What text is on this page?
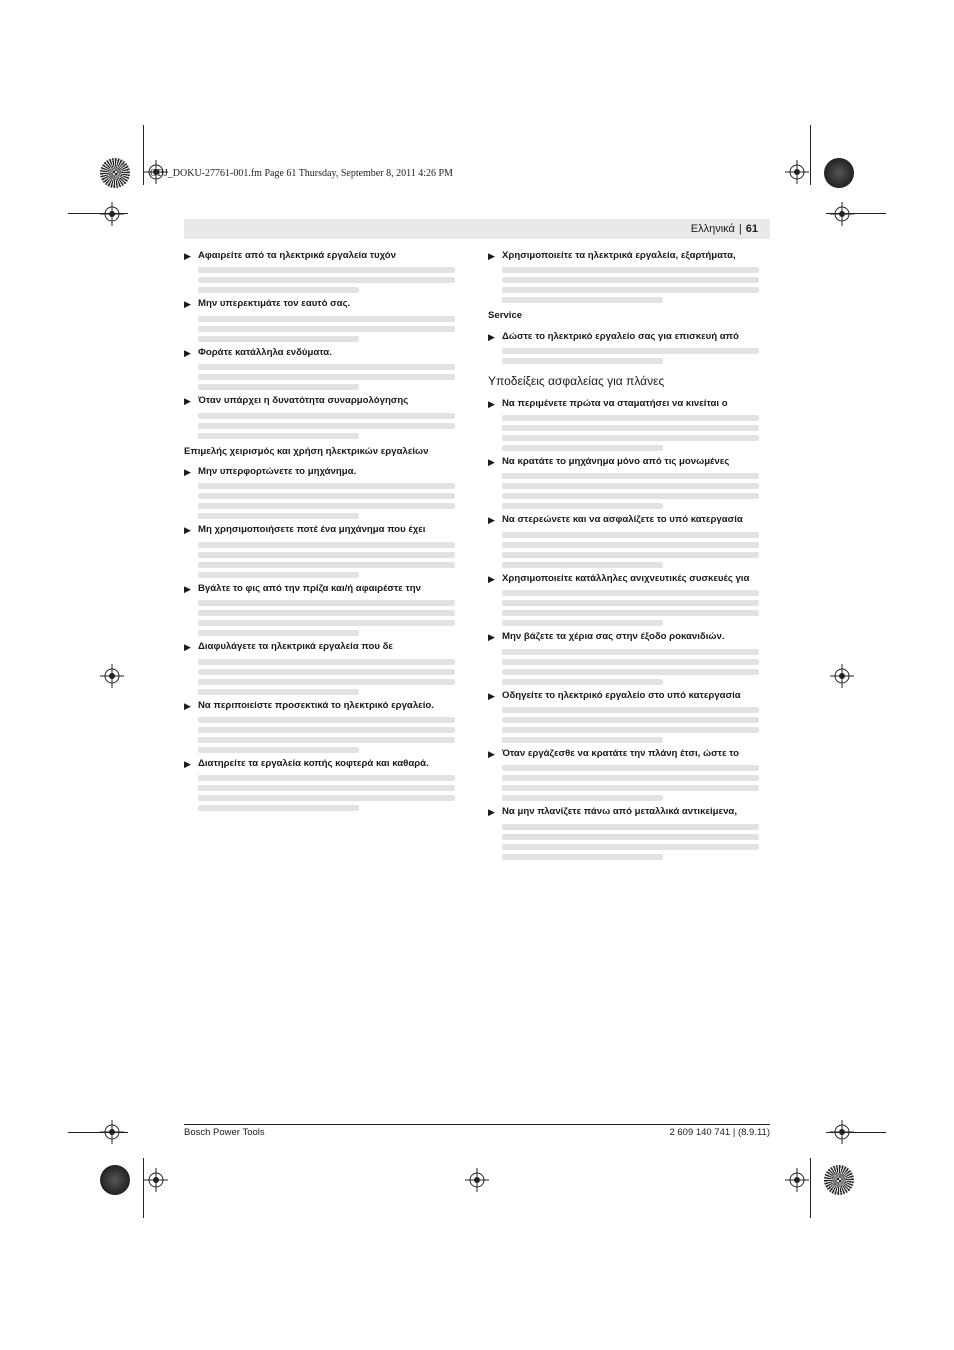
OBJ_DOKU-27761-001.fm Page 61 Thursday, September 8, 2011 4:26 PM
Ελληνικά | 61
▶ Αφαιρείτε από τα ηλεκτρικά εργαλεία τυχόν
▶ Μην υπερεκτιμάτε τον εαυτό σας.
▶ Φοράτε κατάλληλα ενδύματα.
▶ Όταν υπάρχει η δυνατότητα συναρμολόγησης
Επιμελής χειρισμός και χρήση ηλεκτρικών εργαλείων
▶ Μην υπερφορτώνετε το μηχάνημα.
▶ Μη χρησιμοποιήσετε ποτέ ένα μηχάνημα που έχει
▶ Βγάλτε το φις από την πρίζα και/ή αφαιρέστε την
▶ Διαφυλάγετε τα ηλεκτρικά εργαλεία που δε
▶ Να περιποιείστε προσεκτικά το ηλεκτρικό εργαλείο.
▶ Διατηρείτε τα εργαλεία κοπής κοφτερά και καθαρά.
▶ Χρησιμοποιείτε τα ηλεκτρικά εργαλεία, εξαρτήματα,
Service
▶ Δώστε το ηλεκτρικό εργαλείο σας για επισκευή από
Υποδείξεις ασφαλείας για πλάνες
▶ Να περιμένετε πρώτα να σταματήσει να κινείται ο
▶ Να κρατάτε το μηχάνημα μόνο από τις μονωμένες
▶ Να στερεώνετε και να ασφαλίζετε το υπό κατεργασία
▶ Χρησιμοποιείτε κατάλληλες ανιχνευτικές συσκευές για
▶ Μην βάζετε τα χέρια σας στην έξοδο ροκανιδιών.
▶ Οδηγείτε το ηλεκτρικό εργαλείο στο υπό κατεργασία
▶ Όταν εργάζεσθε να κρατάτε την πλάνη έτσι, ώστε το
▶ Να μην πλανίζετε πάνω από μεταλλικά αντικείμενα,
Bosch Power Tools	2 609 140 741 | (8.9.11)
